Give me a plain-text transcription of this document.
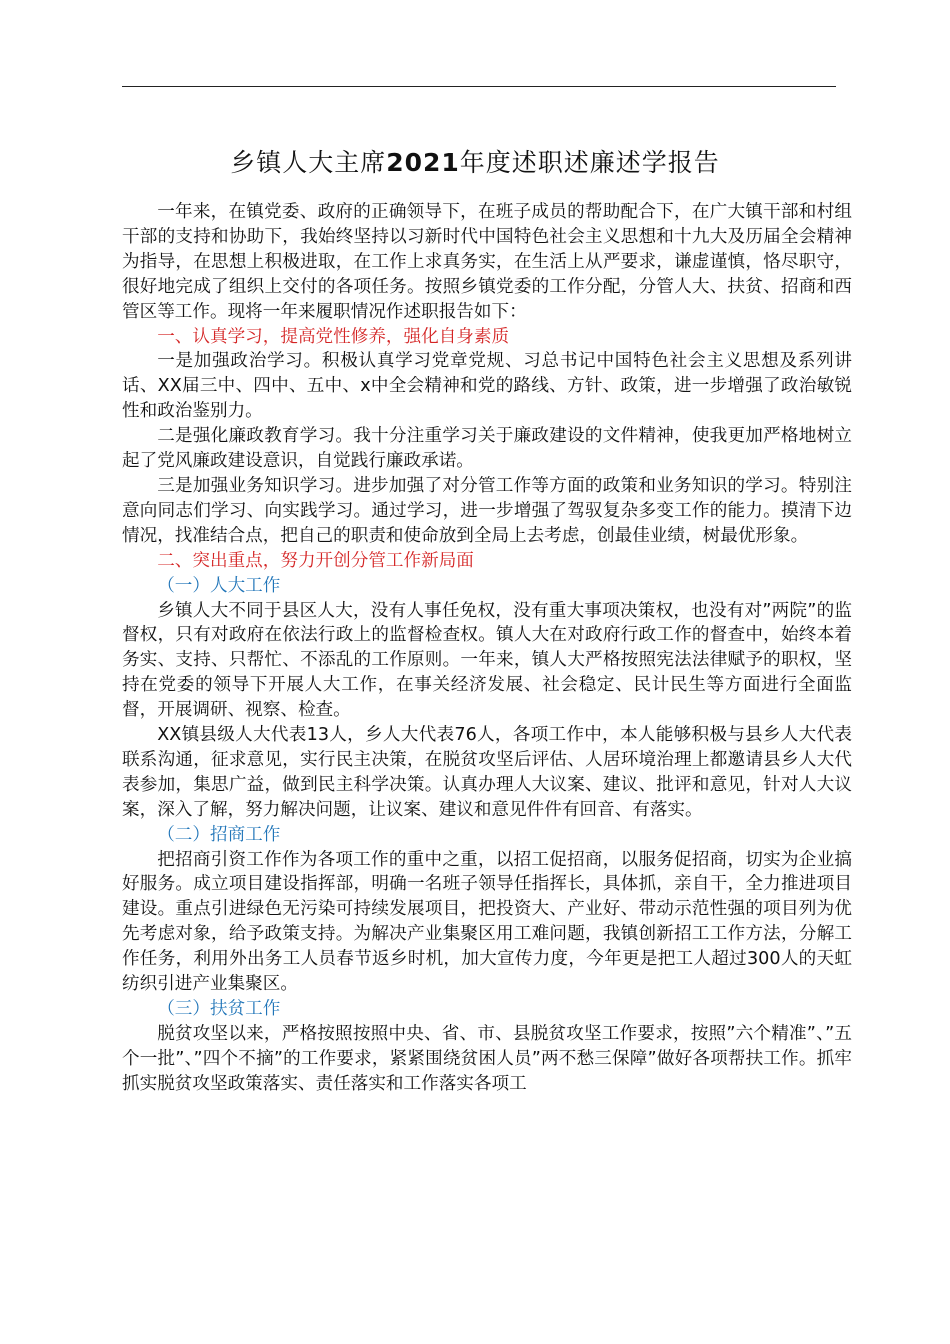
乡镇人大主席2021年度述职述廉述学报告

一年来，在镇党委、政府的正确领导下，在班子成员的帮助配合下，在广大镇干部和村组干部的支持和协助下，我始终坚持以习新时代中国特色社会主义思想和十九大及历届全会精神为指导，在思想上积极进取，在工作上求真务实，在生活上从严要求，谦虚谨慎，恪尽职守，很好地完成了组织上交付的各项任务。按照乡镇党委的工作分配，分管人大、扶贫、招商和西管区等工作。现将一年来履职情况作述职报告如下：

一、认真学习，提高党性修养，强化自身素质

一是加强政治学习。积极认真学习党章党规、习总书记中国特色社会主义思想及系列讲话、XX届三中、四中、五中、x中全会精神和党的路线、方针、政策，进一步增强了政治敏锐性和政治鉴别力。

二是强化廉政教育学习。我十分注重学习关于廉政建设的文件精神，使我更加严格地树立起了党风廉政建设意识，自觉践行廉政承诺。

三是加强业务知识学习。进步加强了对分管工作等方面的政策和业务知识的学习。特别注意向同志们学习、向实践学习。通过学习，进一步增强了驾驭复杂多变工作的能力。摸清下边情况，找准结合点，把自己的职责和使命放到全局上去考虑，创最佳业绩，树最优形象。

二、突出重点，努力开创分管工作新局面

（一）人大工作

乡镇人大不同于县区人大，没有人事任免权，没有重大事项决策权，也没有对”两院”的监督权，只有对政府在依法行政上的监督检查权。镇人大在对政府行政工作的督查中，始终本着务实、支持、只帮忙、不添乱的工作原则。一年来，镇人大严格按照宪法法律赋予的职权，坚持在党委的领导下开展人大工作，在事关经济发展、社会稳定、民计民生等方面进行全面监督，开展调研、视察、检查。

XX镇县级人大代表13人，乡人大代表76人，各项工作中，本人能够积极与县乡人大代表联系沟通，征求意见，实行民主决策，在脱贫攻坚后评估、人居环境治理上都邀请县乡人大代表参加，集思广益，做到民主科学决策。认真办理人大议案、建议、批评和意见，针对人大议案，深入了解，努力解决问题，让议案、建议和意见件件有回音、有落实。

（二）招商工作

把招商引资工作作为各项工作的重中之重，以招工促招商，以服务促招商，切实为企业搞好服务。成立项目建设指挥部，明确一名班子领导任指挥长，具体抓，亲自干，全力推进项目建设。重点引进绿色无污染可持续发展项目，把投资大、产业好、带动示范性强的项目列为优先考虑对象，给予政策支持。为解决产业集聚区用工难问题，我镇创新招工工作方法，分解工作任务，利用外出务工人员春节返乡时机，加大宣传力度，今年更是把工人超过300人的天虹纺织引进产业集聚区。

（三）扶贫工作

脱贫攻坚以来，严格按照按照中央、省、市、县脱贫攻坚工作要求，按照”六个精准”、”五个一批”、”四个不摘”的工作要求，紧紧围绕贫困人员”两不愁三保障”做好各项帮扶工作。抓牢抓实脱贫攻坚政策落实、责任落实和工作落实各项工
